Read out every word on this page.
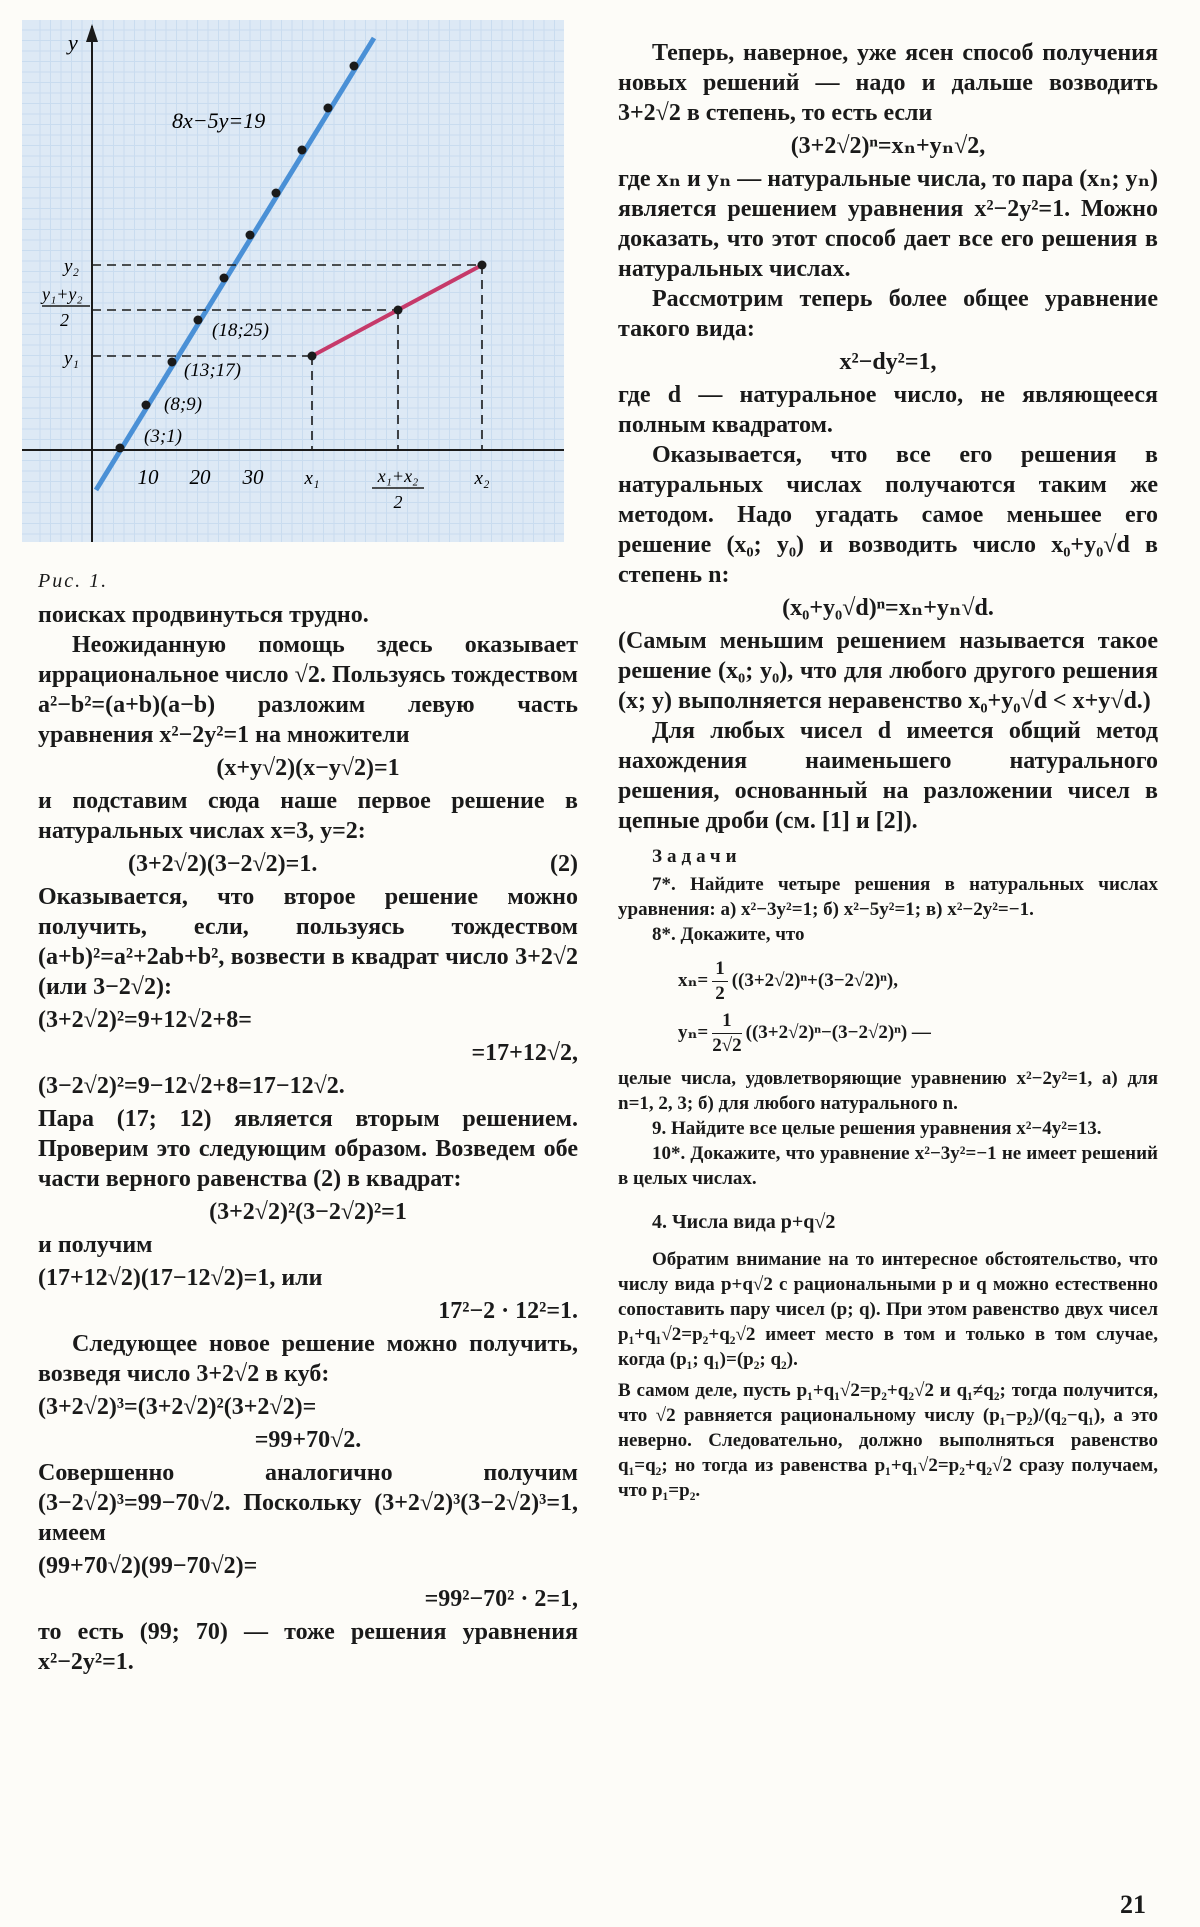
y
10 20 30
8x−5y=19
(3;1)
(8;9)
(13;17)
(18;25)
y₂
y₁+y₂
2
y₁
x₁	x₁+x₂
2
x₂
Рис. 1.

поисках продвинуться трудно.

Неожиданную помощь здесь оказывает иррациональное число √2. Пользуясь тождеством a²−b²=(a+b)(a−b) разложим левую часть уравнения x²−2y²=1 на множители

(x+y√2)(x−y√2)=1

и подставим сюда наше первое решение в натуральных числах x=3, y=2:

(3+2√2)(3−2√2)=1.	(2)

Оказывается, что второе решение можно получить, если, пользуясь тождеством (a+b)²=a²+2ab+b², возвести в квадрат число 3+2√2 (или 3−2√2):

(3+2√2)²=9+12√2+8=
=17+12√2,
(3−2√2)²=9−12√2+8=17−12√2.

Пара (17; 12) является вторым решением. Проверим это следующим образом. Возведем обе части верного равенства (2) в квадрат:

(3+2√2)²(3−2√2)²=1

и получим

(17+12√2)(17−12√2)=1, или
17²−2 · 12²=1.

Следующее новое решение можно получить, возведя число 3+2√2 в куб:

(3+2√2)³=(3+2√2)²(3+2√2)=
=99+70√2.

Совершенно аналогично получим (3−2√2)³=99−70√2. Поскольку (3+2√2)³(3−2√2)³=1, имеем

(99+70√2)(99−70√2)=
=99²−70² · 2=1,

то есть (99; 70) — тоже решения уравнения x²−2y²=1.

Теперь, наверное, уже ясен способ получения новых решений — надо и дальше возводить 3+2√2 в степень, то есть если

(3+2√2)ⁿ=xₙ+yₙ√2,

где xₙ и yₙ — натуральные числа, то пара (xₙ; yₙ) является решением уравнения x²−2y²=1. Можно доказать, что этот способ дает все его решения в натуральных числах.

Рассмотрим теперь более общее уравнение такого вида:

x²−dy²=1,

где d — натуральное число, не являющееся полным квадратом.

Оказывается, что все его решения в натуральных числах получаются таким же методом. Надо угадать самое меньшее его решение (x₀; y₀) и возводить число x₀+y₀√d в степень n:

(x₀+y₀√d)ⁿ=xₙ+yₙ√d.

(Самым меньшим решением называется такое решение (x₀; y₀), что для любого другого решения (x; y) выполняется неравенство x₀+y₀√d < x+y√d.)

Для любых чисел d имеется общий метод нахождения наименьшего натурального решения, основанный на разложении чисел в цепные дроби (см. [1] и [2]).

Задачи

7*. Найдите четыре решения в натуральных числах уравнения: а) x²−3y²=1; б) x²−5y²=1; в) x²−2y²=−1.

8*. Докажите, что

$x_n= \frac{1}{2} ((3+2√2)^n+(3-2√2)^n)$,
$y_n= \frac{1}{2√2} ((3+2√2)^n-(3-2√2)^n)$ —

целые числа, удовлетворяющие уравнению x²−2y²=1, а) для n=1, 2, 3; б) для любого натурального n.

9. Найдите все целые решения уравнения x²−4y²=13.

10*. Докажите, что уравнение x²−3y²=−1 не имеет решений в целых числах.

4. Числа вида p+q√2

Обратим внимание на то интересное обстоятельство, что числу вида p+q√2 с рациональными p и q можно естественно сопоставить пару чисел (p; q). При этом равенство двух чисел p₁+q₁√2=p₂+q₂√2 имеет место в том и только в том случае, когда (p₁; q₁)=(p₂; q₂).

В самом деле, пусть p₁+q₁√2=p₂+q₂√2 и q₁≠q₂; тогда получится, что √2 равняется рациональному числу (p₁−p₂)/(q₂−q₁), а это неверно. Следовательно, должно выполняться равенство q₁=q₂; но тогда из равенства p₁+q₁√2=p₂+q₂√2 сразу получаем, что p₁=p₂.

21
